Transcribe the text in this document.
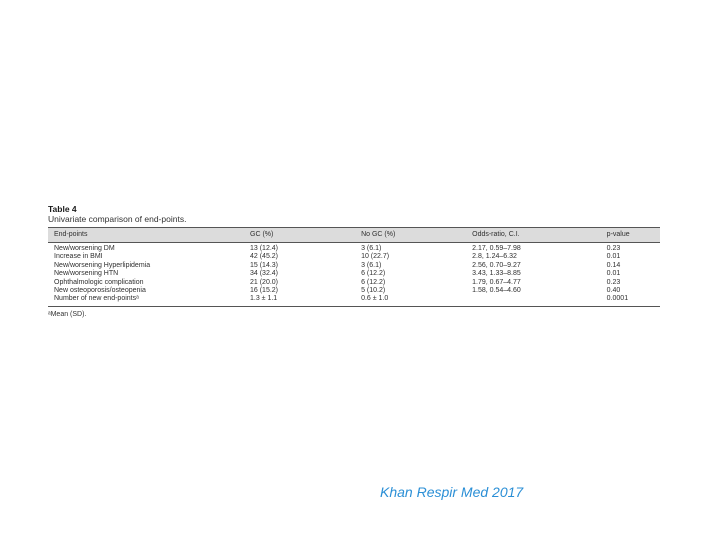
Table 4
Univariate comparison of end-points.
End-points	GC (%)	No GC (%)	Odds-ratio, C.I.	p-value
New/worsening DM	13 (12.4)	3 (6.1)	2.17, 0.59–7.98	0.23
Increase in BMI	42 (45.2)	10 (22.7)	2.8, 1.24–6.32	0.01
New/worsening Hyperlipidemia	15 (14.3)	3 (6.1)	2.56, 0.70–9.27	0.14
New/worsening HTN	34 (32.4)	6 (12.2)	3.43, 1.33–8.85	0.01
Ophthalmologic complication	21 (20.0)	6 (12.2)	1.79, 0.67–4.77	0.23
New osteoporosis/osteopenia	16 (15.2)	5 (10.2)	1.58, 0.54–4.60	0.40
Number of new end-pointsᵃ	1.3 ± 1.1	0.6 ± 1.0		0.0001
ᵃMean (SD).
Khan Respir Med 2017
